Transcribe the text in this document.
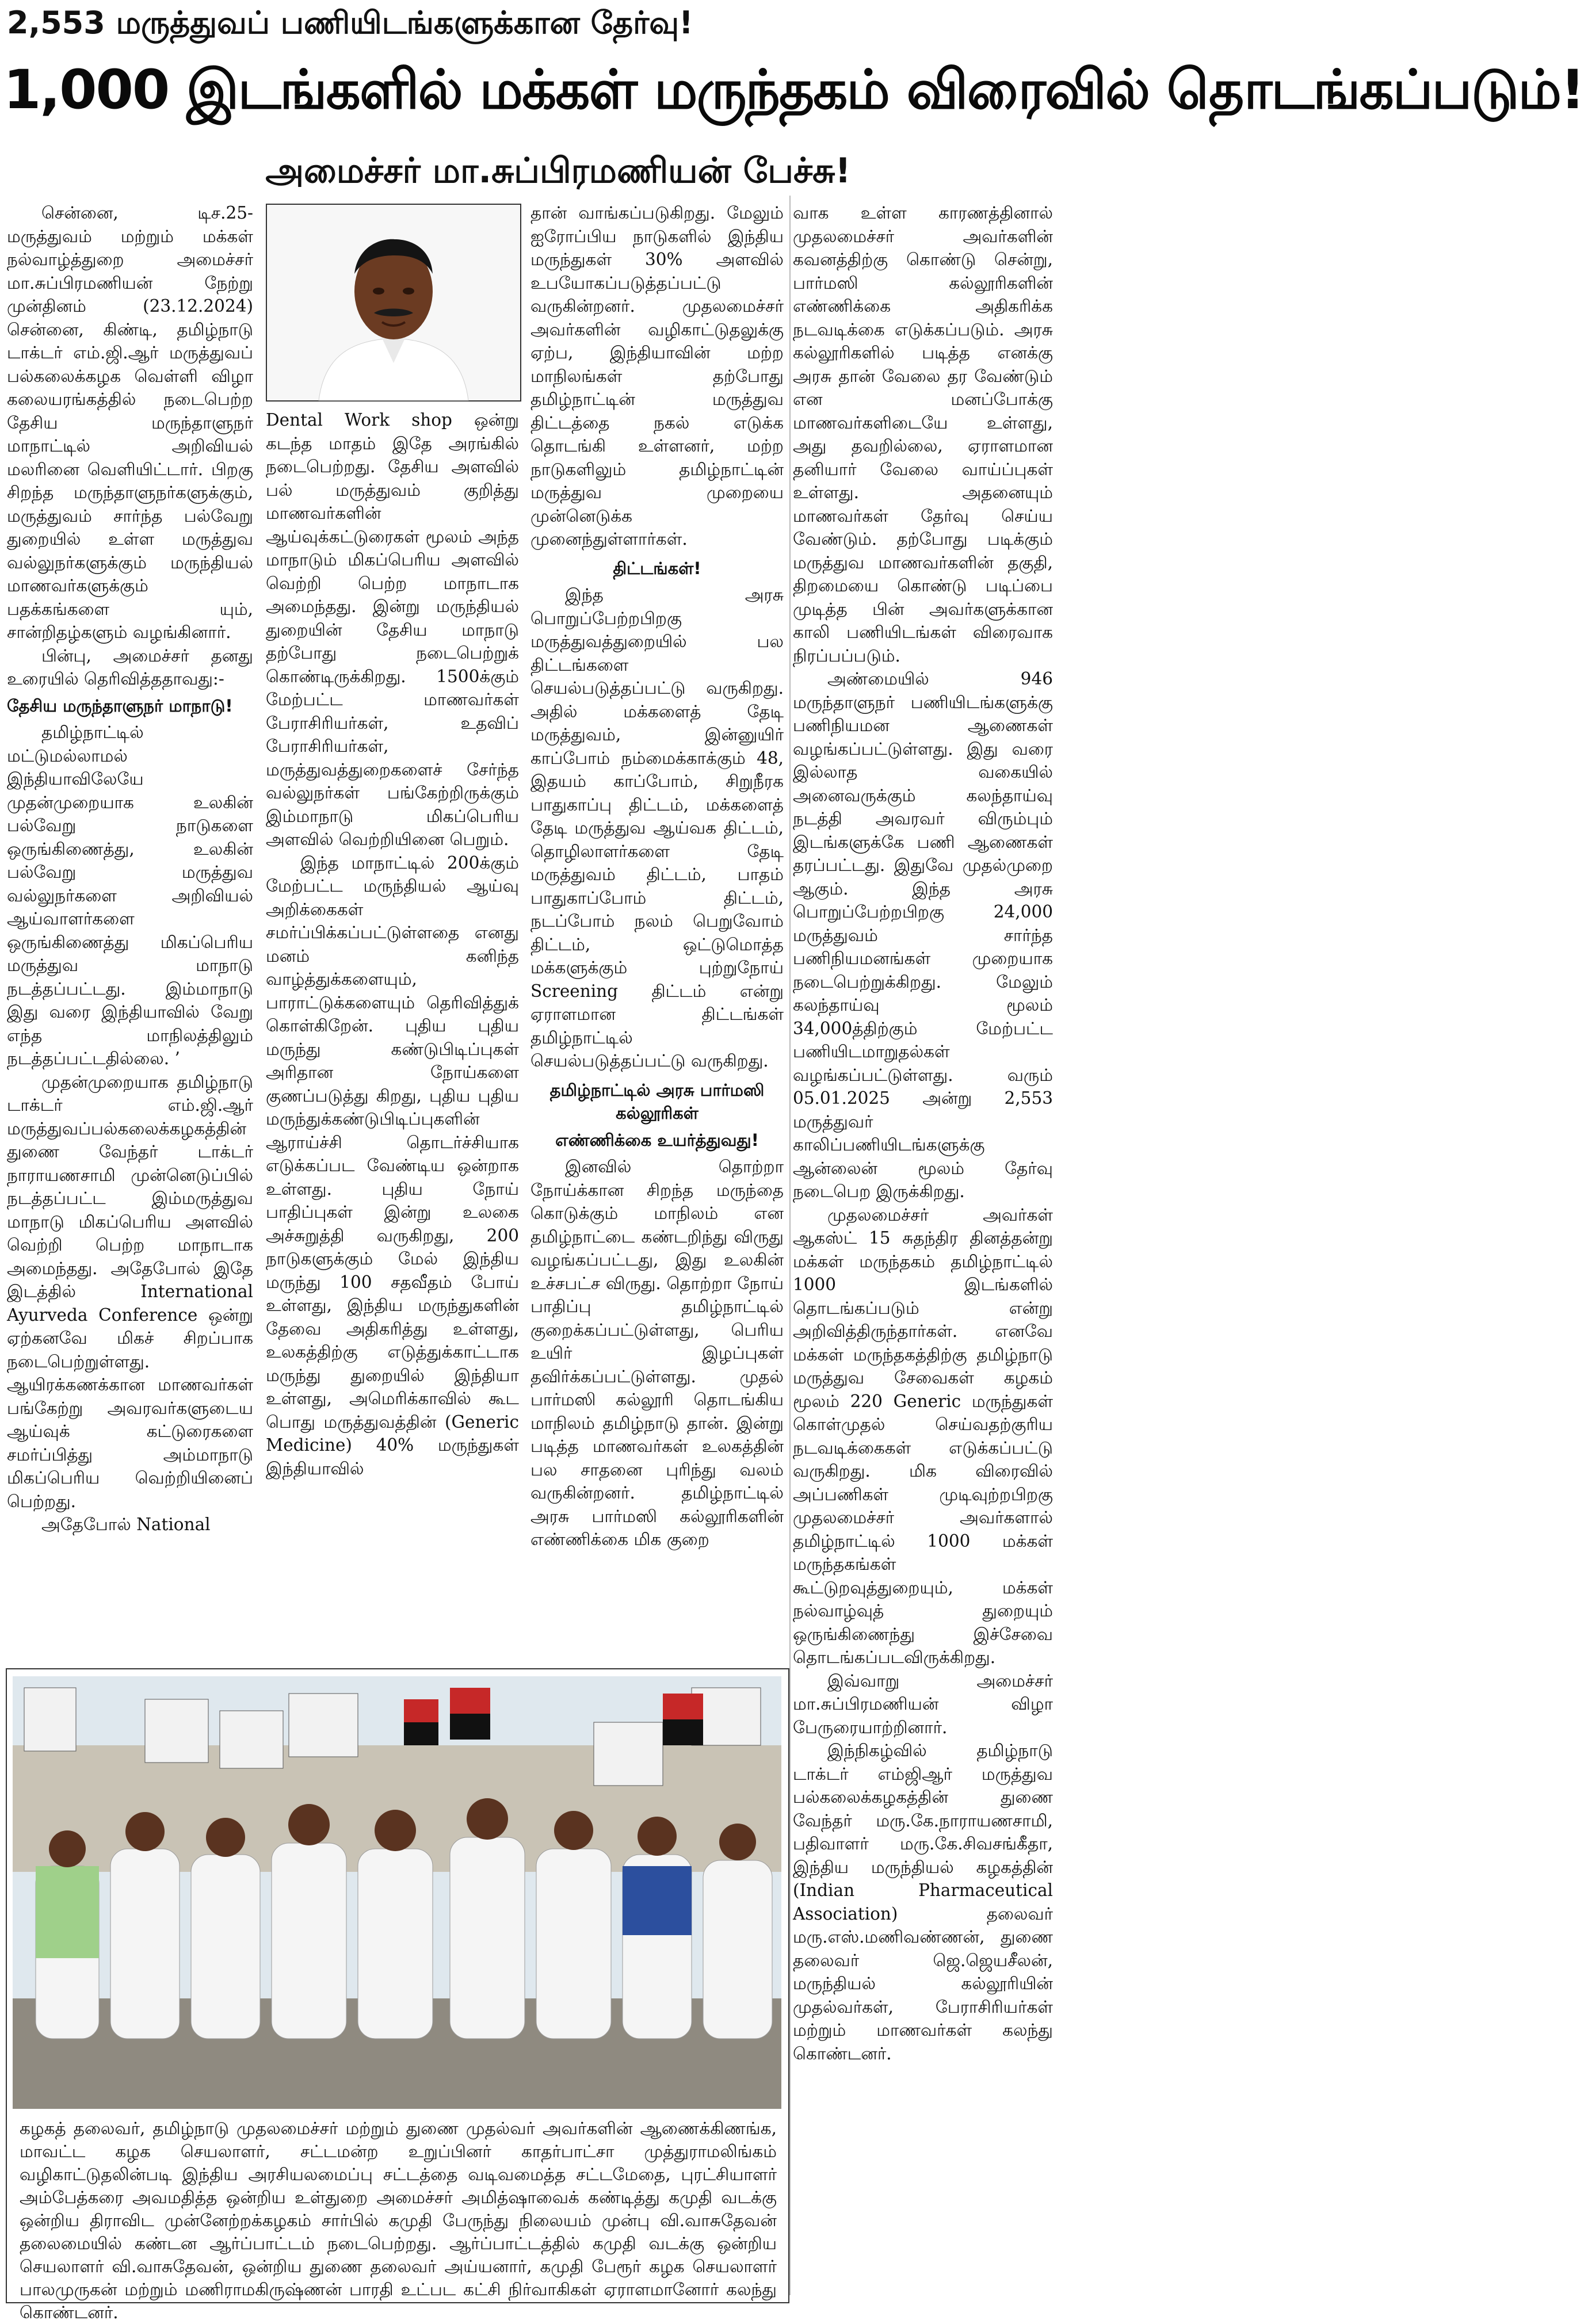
2,553 மருத்துவப் பணியிடங்களுக்கான தேர்வு!
1,000 இடங்களில் மக்கள் மருந்தகம் விரைவில் தொடங்கப்படும்!
அமைச்சர் மா.சுப்பிரமணியன் பேச்சு!

சென்னை, டிச.25- மருத்துவம் மற்றும் மக்கள் நல்வாழ்த்துறை அமைச்சர் மா.சுப்பிரமணியன் நேற்று முன்தினம் (23.12.2024) சென்னை, கிண்டி, தமிழ்நாடு டாக்டர் எம்.ஜி.ஆர் மருத்துவப் பல்கலைக்கழக வெள்ளி விழா கலையரங்கத்தில் நடைபெற்ற தேசிய மருந்தாளுநர் மாநாட்டில் அறிவியல் மலரினை வெளியிட்டார். பிறகு சிறந்த மருந்தாளுநர்களுக்கும், மருத்துவம் சார்ந்த பல்வேறு துறையில் உள்ள மருத்துவ வல்லுநர்களுக்கும் மருந்தியல் மாணவர்களுக்கும் பதக்கங்களை யும், சான்றிதழ்களும் வழங்கினார்.

பின்பு, அமைச்சர் தனது உரையில் தெரிவித்ததாவது:-

தேசிய மருந்தாளுநர் மாநாடு!

தமிழ்நாட்டில் மட்டுமல்லாமல் இந்தியாவிலேயே முதன்முறையாக உலகின் பல்வேறு நாடுகளை ஒருங்கிணைத்து, உலகின் பல்வேறு மருத்துவ வல்லுநர்களை அறிவியல் ஆய்வாளர்களை ஒருங்கிணைத்து மிகப்பெரிய மருத்துவ மாநாடு நடத்தப்பட்டது. இம்மாநாடு இது வரை இந்தியாவில் வேறு எந்த மாநிலத்திலும் நடத்தப்பட்டதில்லை. ’

முதன்முறையாக தமிழ்நாடு டாக்டர் எம்.ஜி.ஆர் மருத்துவப்பல்கலைக்கழகத்தின் துணை வேந்தர் டாக்டர் நாராயணசாமி முன்னெடுப்பில் நடத்தப்பட்ட இம்மருத்துவ மாநாடு மிகப்பெரிய அளவில் வெற்றி பெற்ற மாநாடாக அமைந்தது. அதேபோல் இதே இடத்தில் International Ayurveda Conference ஒன்று ஏற்கனவே மிகச் சிறப்பாக நடைபெற்றுள்ளது. ஆயிரக்கணக்கான மாணவர்கள் பங்கேற்று அவரவர்களுடைய ஆய்வுக் கட்டுரைகளை சமர்ப்பித்து அம்மாநாடு மிகப்பெரிய வெற்றியினைப் பெற்றது.

அதேபோல் National

Dental Work shop ஒன்று கடந்த மாதம் இதே அரங்கில் நடைபெற்றது. தேசிய அளவில் பல் மருத்துவம் குறித்து மாணவர்களின் ஆய்வுக்கட்டுரைகள் மூலம் அந்த மாநாடும் மிகப்பெரிய அளவில் வெற்றி பெற்ற மாநாடாக அமைந்தது. இன்று மருந்தியல் துறையின் தேசிய மாநாடு தற்போது நடைபெற்றுக் கொண்டிருக்கிறது. 1500க்கும் மேற்பட்ட மாணவர்கள் பேராசிரியர்கள், உதவிப் பேராசிரியர்கள், மருத்துவத்துறைகளைச் சேர்ந்த வல்லுநர்கள் பங்கேற்றிருக்கும் இம்மாநாடு மிகப்பெரிய அளவில் வெற்றியினை பெறும்.

இந்த மாநாட்டில் 200க்கும் மேற்பட்ட மருந்தியல் ஆய்வு அறிக்கைகள் சமர்ப்பிக்கப்பட்டுள்ளதை எனது மனம் கனிந்த வாழ்த்துக்களையும், பாராட்டுக்களையும் தெரிவித்துக் கொள்கிறேன். புதிய புதிய மருந்து கண்டுபிடிப்புகள் அரிதான நோய்களை குணப்படுத்து கிறது, புதிய புதிய மருந்துக்கண்டுபிடிப்புகளின் ஆராய்ச்சி தொடர்ச்சியாக எடுக்கப்பட வேண்டிய ஒன்றாக உள்ளது. புதிய நோய் பாதிப்புகள் இன்று உலகை அச்சுறுத்தி வருகிறது, 200 நாடுகளுக்கும் மேல் இந்திய மருந்து 100 சதவீதம் போய் உள்ளது, இந்திய மருந்துகளின் தேவை அதிகரித்து உள்ளது, உலகத்திற்கு எடுத்துக்காட்டாக மருந்து துறையில் இந்தியா உள்ளது, அமெரிக்காவில் கூட பொது மருத்துவத்தின் (Generic Medicine) 40% மருந்துகள் இந்தியாவில்

தான் வாங்கப்படுகிறது. மேலும் ஐரோப்பிய நாடுகளில் இந்திய மருந்துகள் 30% அளவில் உபயோகப்படுத்தப்பட்டு வருகின்றனர். முதலமைச்சர் அவர்களின் வழிகாட்டுதலுக்கு ஏற்ப, இந்தியாவின் மற்ற மாநிலங்கள் தற்போது தமிழ்நாட்டின் மருத்துவ திட்டத்தை நகல் எடுக்க தொடங்கி உள்ளனர், மற்ற நாடுகளிலும் தமிழ்நாட்டின் மருத்துவ முறையை முன்னெடுக்க முனைந்துள்ளார்கள்.

திட்டங்கள்!

இந்த அரசு பொறுப்பேற்றபிறகு மருத்துவத்துறையில் பல திட்டங்களை செயல்படுத்தப்பட்டு வருகிறது. அதில் மக்களைத் தேடி மருத்துவம், இன்னுயிர் காப்போம் நம்மைக்காக்கும் 48, இதயம் காப்போம், சிறுநீரக பாதுகாப்பு திட்டம், மக்களைத் தேடி மருத்துவ ஆய்வக திட்டம், தொழிலாளர்களை தேடி மருத்துவம் திட்டம், பாதம் பாதுகாப்போம் திட்டம், நடப்போம் நலம் பெறுவோம் திட்டம், ஒட்டுமொத்த மக்களுக்கும் புற்றுநோய் Screening திட்டம் என்று ஏராளமான திட்டங்கள் தமிழ்நாட்டில் செயல்படுத்தப்பட்டு வருகிறது.

தமிழ்நாட்டில் அரசு பார்மஸி கல்லூரிகள்

எண்ணிக்கை உயர்த்துவது!

இனவில் தொற்றா நோய்க்கான சிறந்த மருந்தை கொடுக்கும் மாநிலம் என தமிழ்நாட்டை கண்டறிந்து விருது வழங்கப்பட்டது, இது உலகின் உச்சபட்ச விருது. தொற்றா நோய் பாதிப்பு தமிழ்நாட்டில் குறைக்கப்பட்டுள்ளது, பெரிய உயிர் இழப்புகள் தவிர்க்கப்பட்டுள்ளது. முதல் பார்மஸி கல்லூரி தொடங்கிய மாநிலம் தமிழ்நாடு தான். இன்று படித்த மாணவர்கள் உலகத்தின் பல சாதனை புரிந்து வலம் வருகின்றனர். தமிழ்நாட்டில் அரசு பார்மஸி கல்லூரிகளின் எண்ணிக்கை மிக குறை

வாக உள்ள காரணத்தினால் முதலமைச்சர் அவர்களின் கவனத்திற்கு கொண்டு சென்று, பார்மஸி கல்லூரிகளின் எண்ணிக்கை அதிகரிக்க நடவடிக்கை எடுக்கப்படும். அரசு கல்லூரிகளில் படித்த எனக்கு அரசு தான் வேலை தர வேண்டும் என மனப்போக்கு மாணவர்களிடையே உள்ளது, அது தவறில்லை, ஏராளமான தனியார் வேலை வாய்ப்புகள் உள்ளது. அதனையும் மாணவர்கள் தேர்வு செய்ய வேண்டும். தற்போது படிக்கும் மருத்துவ மாணவர்களின் தகுதி, திறமையை கொண்டு படிப்பை முடித்த பின் அவர்களுக்கான காலி பணியிடங்கள் விரைவாக நிரப்பப்படும்.

அண்மையில் 946 மருந்தாளுநர் பணியிடங்களுக்கு பணிநியமன ஆணைகள் வழங்கப்பட்டுள்ளது. இது வரை இல்லாத வகையில் அனைவருக்கும் கலந்தாய்வு நடத்தி அவரவர் விரும்பும் இடங்களுக்கே பணி ஆணைகள் தரப்பட்டது. இதுவே முதல்முறை ஆகும். இந்த அரசு பொறுப்பேற்றபிறகு 24,000 மருத்துவம் சார்ந்த பணிநியமனங்கள் முறையாக நடைபெற்றுக்கிறது. மேலும் கலந்தாய்வு மூலம் 34,000த்திற்கும் மேற்பட்ட பணியிடமாறுதல்கள் வழங்கப்பட்டுள்ளது. வரும் 05.01.2025 அன்று 2,553 மருத்துவர் காலிப்பணியிடங்களுக்கு ஆன்லைன் மூலம் தேர்வு நடைபெற இருக்கிறது.

முதலமைச்சர் அவர்கள் ஆகஸ்ட் 15 சுதந்திர தினத்தன்று மக்கள் மருந்தகம் தமிழ்நாட்டில் 1000 இடங்களில் தொடங்கப்படும் என்று அறிவித்திருந்தார்கள். எனவே மக்கள் மருந்தகத்திற்கு தமிழ்நாடு மருத்துவ சேவைகள் கழகம் மூலம் 220 Generic மருந்துகள் கொள்முதல் செய்வதற்குரிய நடவடிக்கைகள் எடுக்கப்பட்டு வருகிறது. மிக விரைவில் அப்பணிகள் முடிவுற்றபிறகு முதலமைச்சர் அவர்களால் தமிழ்நாட்டில் 1000 மக்கள் மருந்தகங்கள் கூட்டுறவுத்துறையும், மக்கள் நல்வாழ்வுத் துறையும் ஒருங்கிணைந்து இச்சேவை தொடங்கப்படவிருக்கிறது.

இவ்வாறு அமைச்சர் மா.சுப்பிரமணியன் விழா பேருரையாற்றினார்.

இந்நிகழ்வில் தமிழ்நாடு டாக்டர் எம்ஜிஆர் மருத்துவ பல்கலைக்கழகத்தின் துணை வேந்தர் மரு.கே.நாராயணசாமி, பதிவாளர் மரு.கே.சிவசங்கீதா, இந்திய மருந்தியல் கழகத்தின் (Indian Pharmaceutical Association) தலைவர் மரு.எஸ்.மணிவண்ணன், துணை தலைவர் ஜெ.ஜெயசீலன், மருந்தியல் கல்லூரியின் முதல்வர்கள், பேராசிரியர்கள் மற்றும் மாணவர்கள் கலந்து கொண்டனர்.

கழகத் தலைவர், தமிழ்நாடு முதலமைச்சர் மற்றும் துணை முதல்வர் அவர்களின் ஆணைக்கிணங்க, மாவட்ட கழக செயலாளர், சட்டமன்ற உறுப்பினர் காதர்பாட்சா முத்துராமலிங்கம் வழிகாட்டுதலின்படி இந்திய அரசியலமைப்பு சட்டத்தை வடிவமைத்த சட்டமேதை, புரட்சியாளர் அம்பேத்கரை அவமதித்த ஒன்றிய உள்துறை அமைச்சர் அமித்ஷாவைக் கண்டித்து கமுதி வடக்கு ஒன்றிய திராவிட முன்னேற்றக்கழகம் சார்பில் கமுதி பேருந்து நிலையம் முன்பு வி.வாசுதேவன் தலைமையில் கண்டன ஆர்ப்பாட்டம் நடைபெற்றது. ஆர்ப்பாட்டத்தில் கமுதி வடக்கு ஒன்றிய செயலாளர் வி.வாசுதேவன், ஒன்றிய துணை தலைவர் அய்யனார், கமுதி பேரூர் கழக செயலாளர் பாலமுருகன் மற்றும் மணிராமகிருஷ்ணன் பாரதி உட்பட கட்சி நிர்வாகிகள் ஏராளமானோர் கலந்து கொண்டனர்.
